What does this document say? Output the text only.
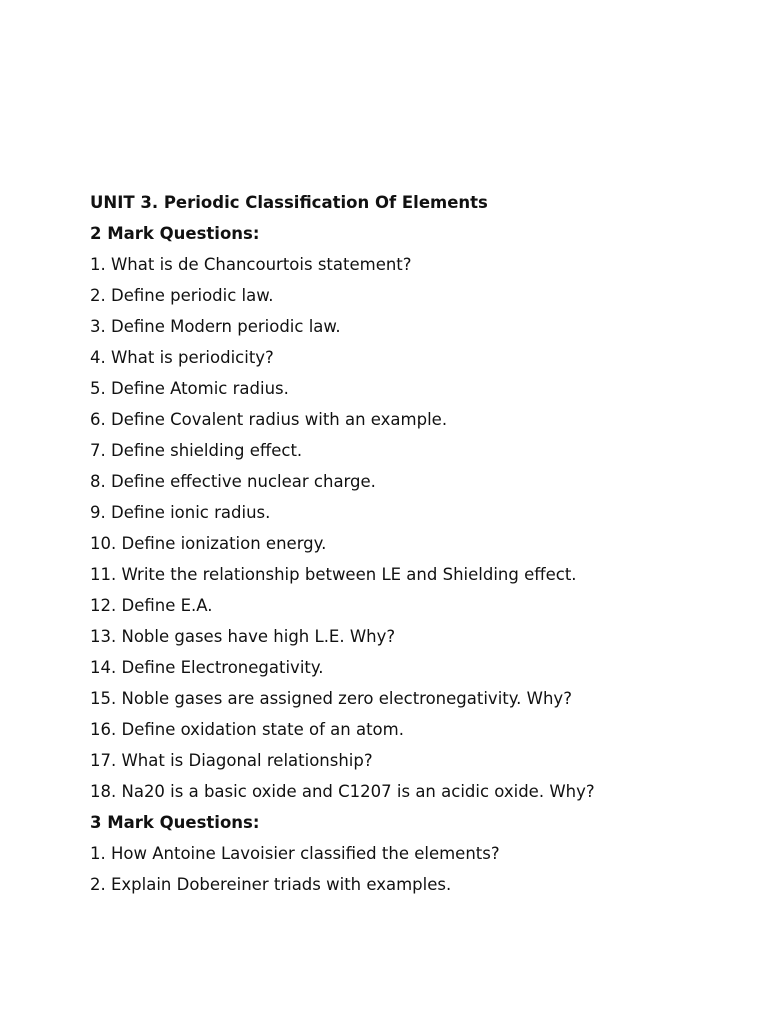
UNIT 3. Periodic Classification Of Elements
2 Mark Questions:
1. What is de Chancourtois statement?
2. Define periodic law.
3. Define Modern periodic law.
4. What is periodicity?
5. Define Atomic radius.
6. Define Covalent radius with an example.
7. Define shielding effect.
8. Define effective nuclear charge.
9. Define ionic radius.
10. Define ionization energy.
11. Write the relationship between LE and Shielding effect.
12. Define E.A.
13. Noble gases have high L.E. Why?
14. Define Electronegativity.
15. Noble gases are assigned zero electronegativity. Why?
16. Define oxidation state of an atom.
17. What is Diagonal relationship?
18. Na20 is a basic oxide and C1207 is an acidic oxide. Why?
3 Mark Questions:
1. How Antoine Lavoisier classified the elements?
2. Explain Dobereiner triads with examples.
